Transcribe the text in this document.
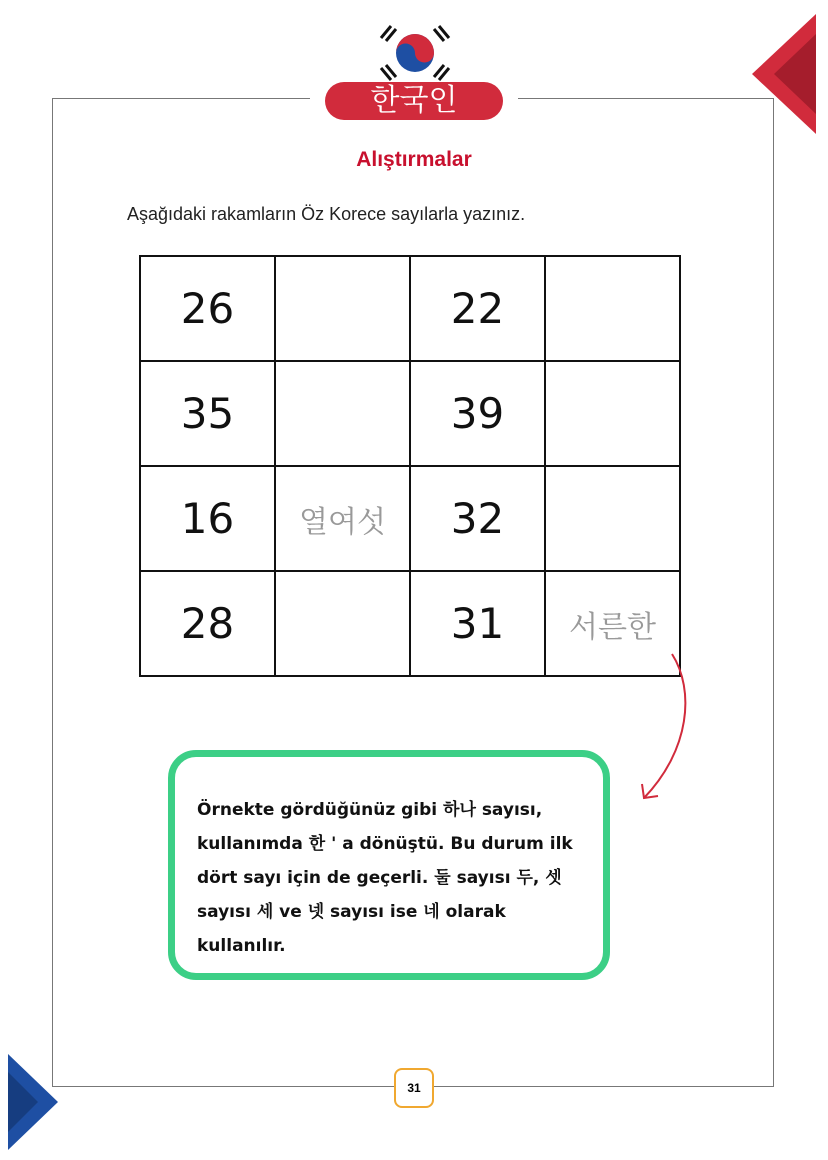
한국인
Alıştırmalar
Aşağıdaki rakamların Öz Korece sayılarla yazınız.
26		22	
35		39	
16	열여섯	32	
28		31	서른한

Örnekte gördüğünüz gibi 하나 sayısı, kullanımda 한 ' a dönüştü. Bu durum ilk dört sayı için de geçerli. 둘 sayısı 두, 셋 sayısı 세 ve 넷 sayısı ise 네 olarak kullanılır.

31
